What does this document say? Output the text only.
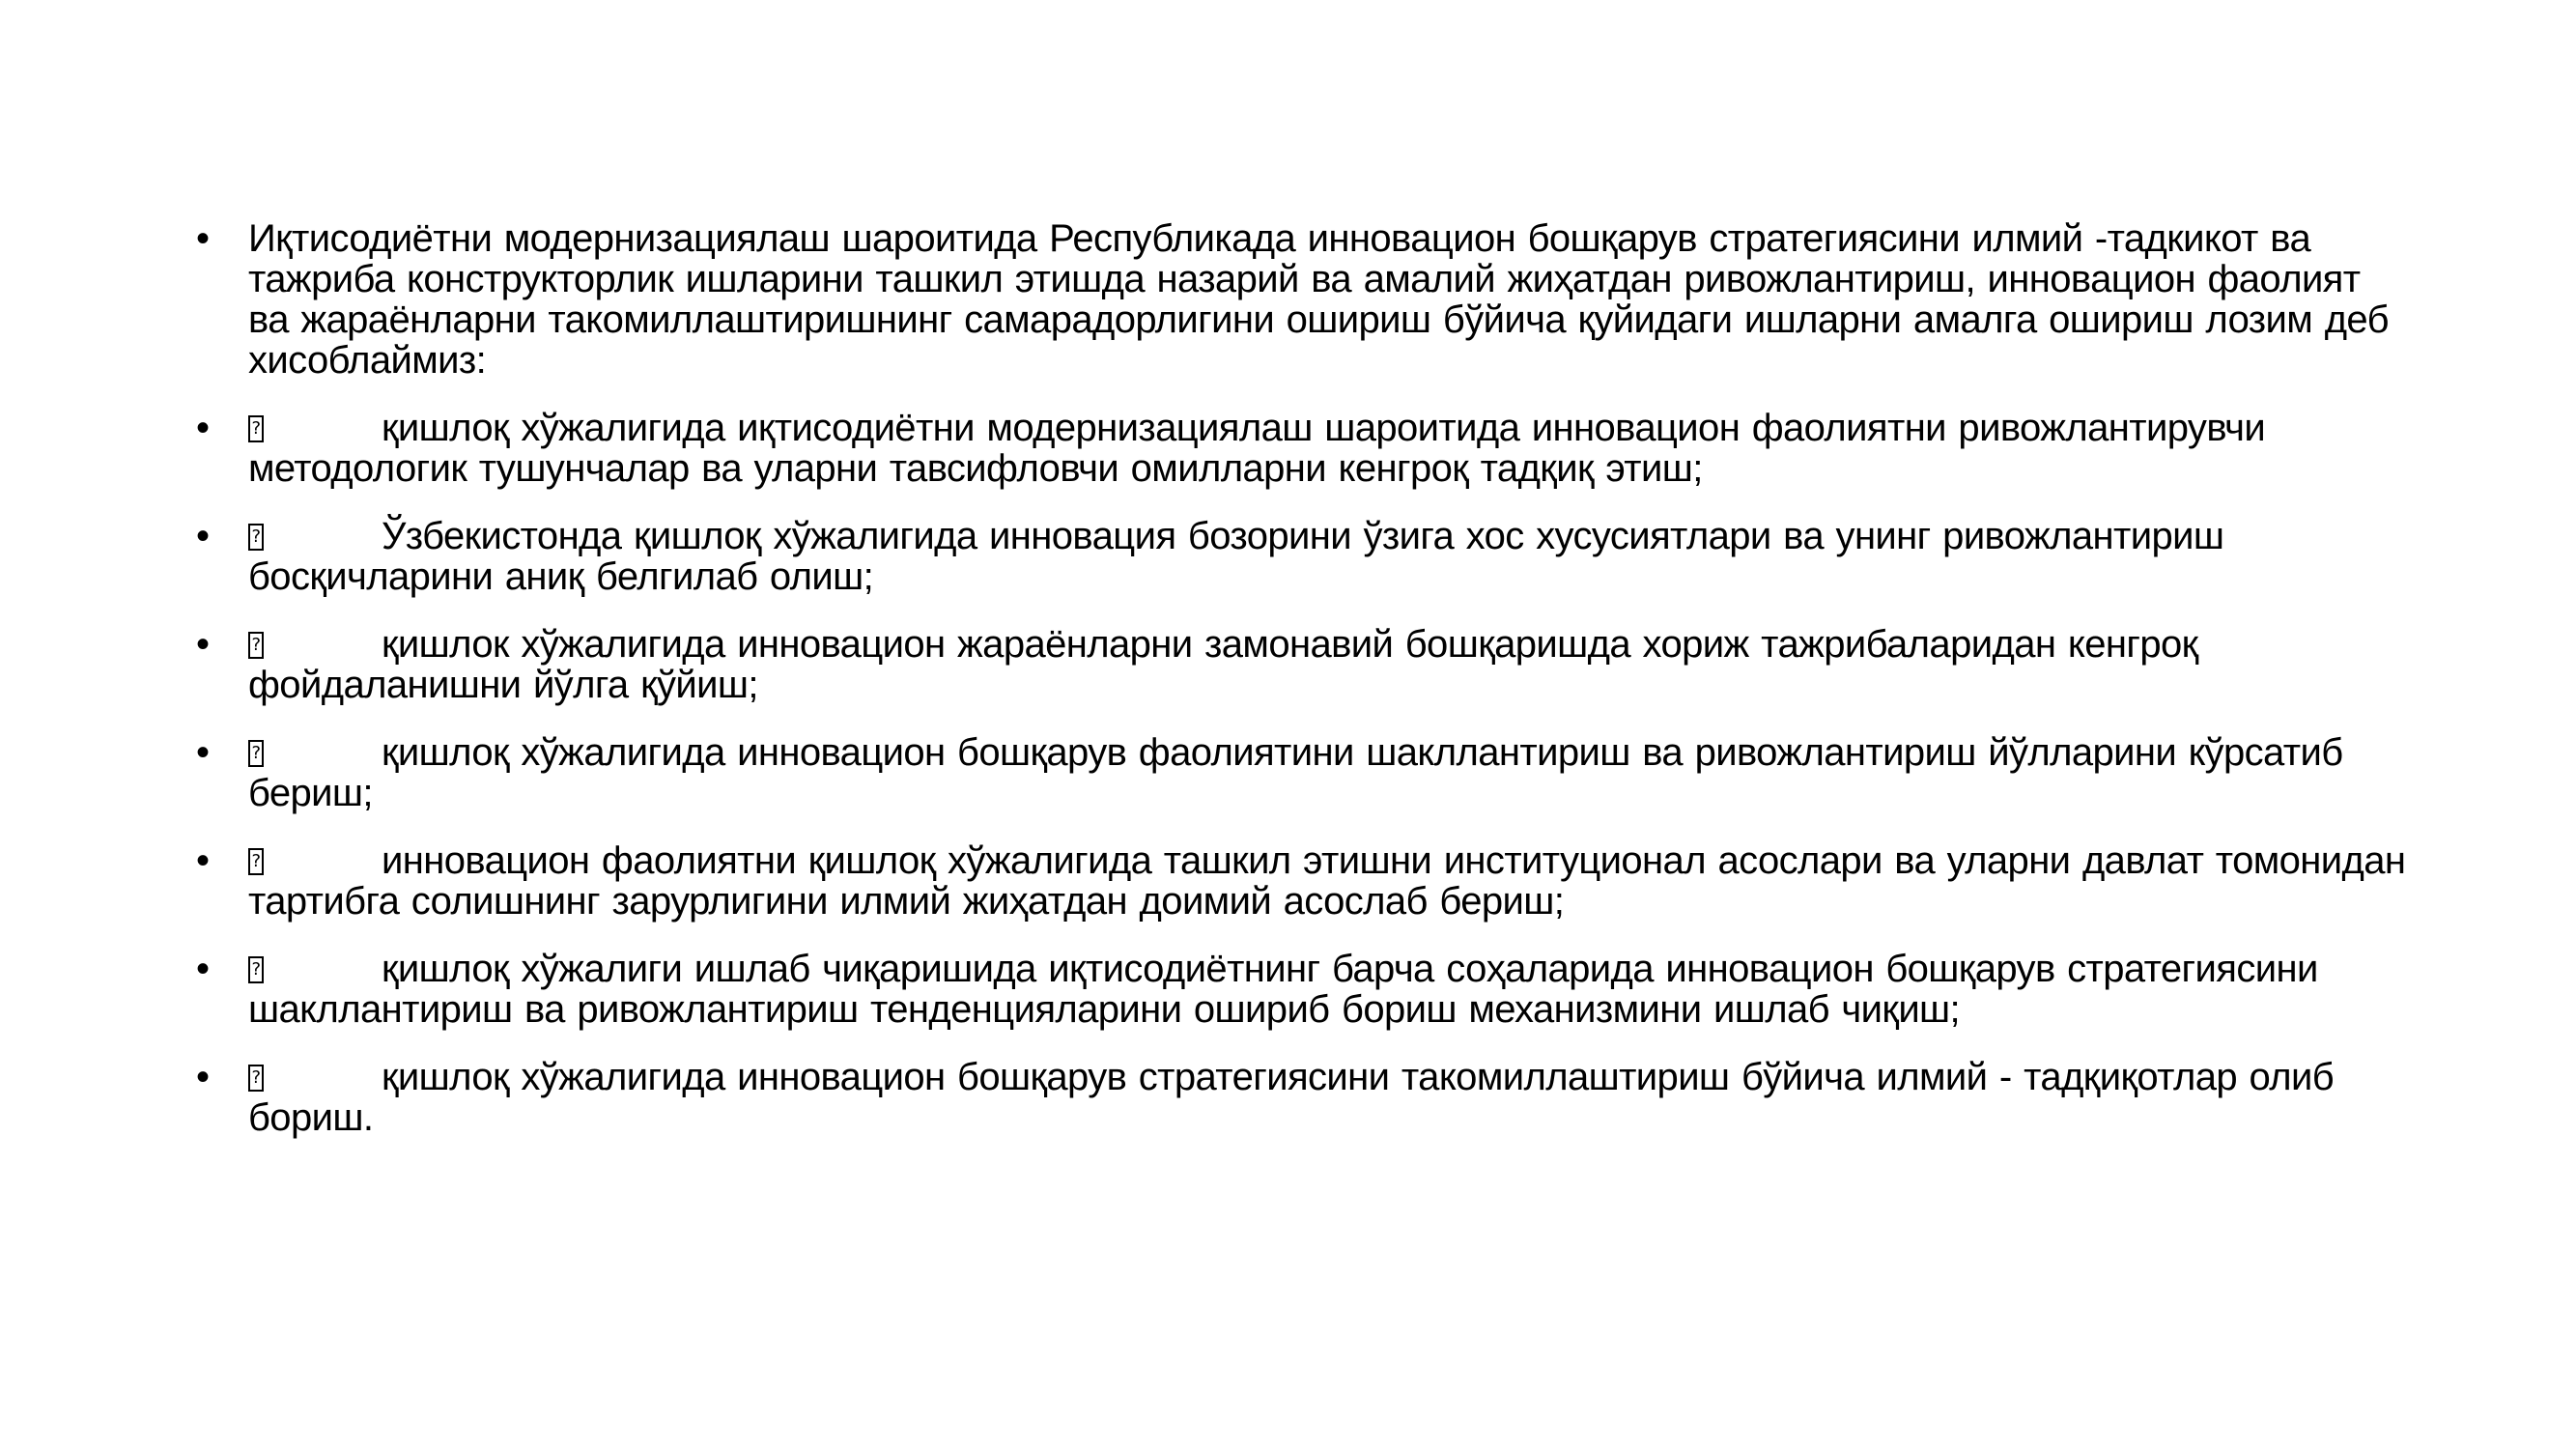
• Иқтисодиётни модернизациялаш шароитида Республикада инновацион бошқарув стратегиясини илмий -тадкикот ва тажриба конструкторлик ишларини ташкил этишда назарий ва амалий жиҳатдан ривожлантириш, инновацион фаолият ва жараёнларни такомиллаштиришнинг самарадорлигини ошириш бўйича қуйидаги ишларни амалга ошириш лозим деб хисоблаймиз:
• ?	қишлоқ хўжалигида иқтисодиётни модернизациялаш шароитида инновацион фаолиятни ривожлантирувчи методологик тушунчалар ва уларни тавсифловчи омилларни кенгроқ тадқиқ этиш;
• ?	Ўзбекистонда қишлоқ хўжалигида инновация бозорини ўзига хос хусусиятлари ва унинг ривожлантириш босқичларини аниқ белгилаб олиш;
• ?	қишлок хўжалигида инновацион жараёнларни замонавий бошқаришда хориж тажрибаларидан кенгроқ фойдаланишни йўлга қўйиш;
• ?	қишлоқ хўжалигида инновацион бошқарув фаолиятини шакллантириш ва ривожлантириш йўлларини кўрсатиб бериш;
• ?	инновацион фаолиятни қишлоқ хўжалигида ташкил этишни институционал асослари ва уларни давлат томонидан тартибга солишнинг зарурлигини илмий жиҳатдан доимий асослаб бериш;
• ?	қишлоқ хўжалиги ишлаб чиқаришида иқтисодиётнинг барча соҳаларида инновацион бошқарув стратегиясини шакллантириш ва ривожлантириш тенденцияларини ошириб бориш механизмини ишлаб чиқиш;
• ?	қишлоқ хўжалигида инновацион бошқарув стратегиясини такомиллаштириш бўйича илмий - тадқиқотлар олиб бориш.
